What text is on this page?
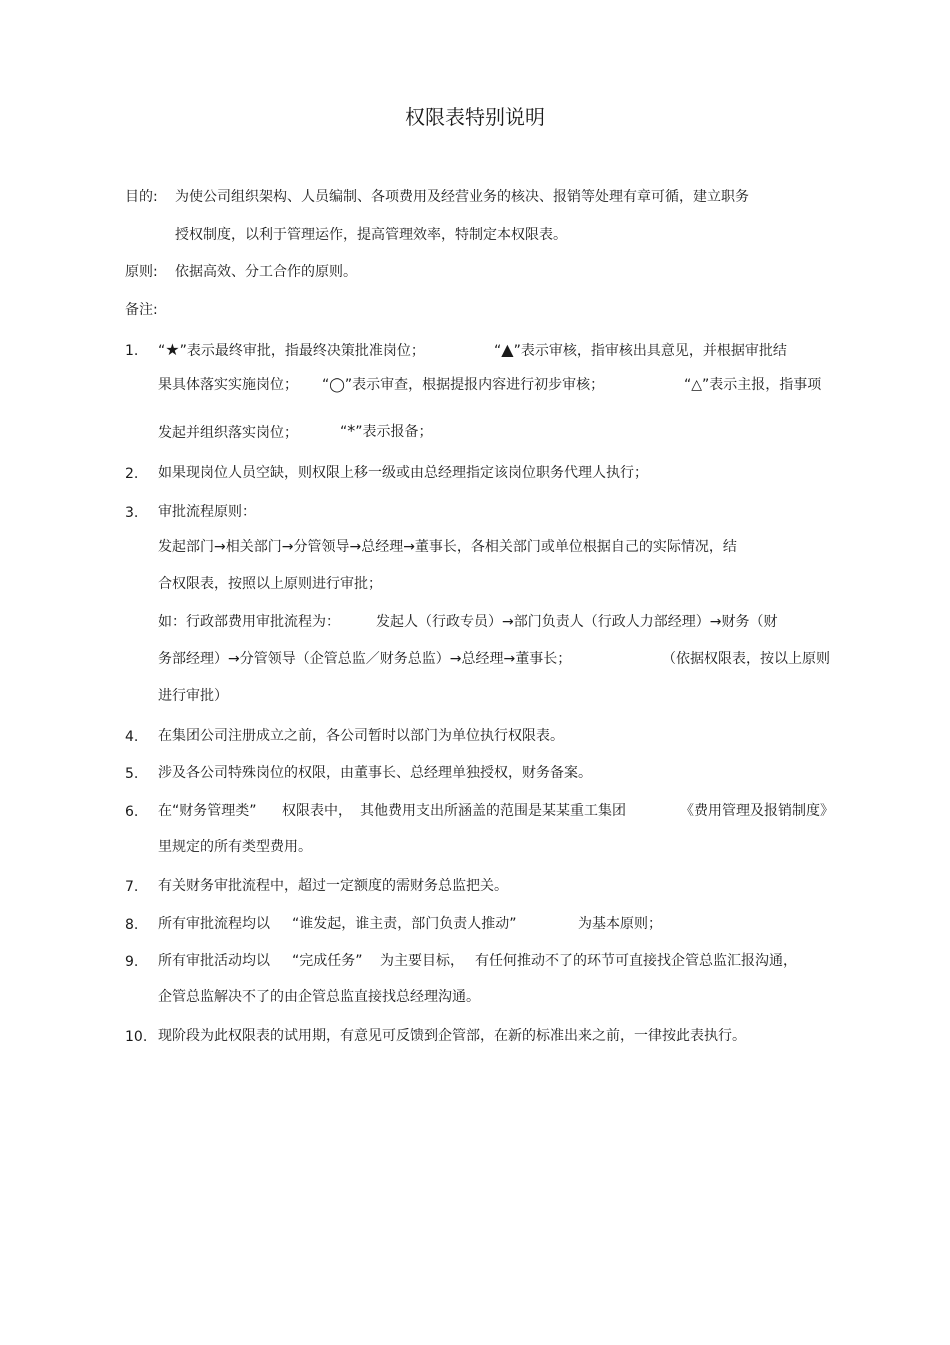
权限表特别说明
目的: 为使公司组织架构、人员编制、各项费用及经营业务的核决、报销等处理有章可循，建立职务
授权制度，以利于管理运作，提高管理效率，特制定本权限表。
原则: 依据高效、分工合作的原则。
备注:
1. “★”表示最终审批，指最终决策批准岗位；	“▲”表示审核，指审核出具意见，并根据审批结
果具体落实实施岗位； “◯”表示审查，根据提报内容进行初步审核；	“△”表示主报，指事项
发起并组织落实岗位；	“*”表示报备；
2. 如果现岗位人员空缺，则权限上移一级或由总经理指定该岗位职务代理人执行；
3. 审批流程原则：
发起部门→相关部门→分管领导→总经理→董事长，各相关部门或单位根据自己的实际情况，结
合权限表，按照以上原则进行审批；
如：行政部费用审批流程为：	发起人（行政专员）→部门负责人（行政人力部经理）→财务（财
务部经理）→分管领导（企管总监／财务总监）→总经理→董事长；	（依据权限表，按以上原则
进行审批）
4. 在集团公司注册成立之前，各公司暂时以部门为单位执行权限表。
5. 涉及各公司特殊岗位的权限，由董事长、总经理单独授权，财务备案。
6. 在“财务管理类” 权限表中， 其他费用支出所涵盖的范围是某某重工集团	《费用管理及报销制度》
里规定的所有类型费用。
7. 有关财务审批流程中，超过一定额度的需财务总监把关。
8. 所有审批流程均以 “谁发起，谁主责，部门负责人推动”	为基本原则；
9. 所有审批活动均以 “完成任务” 为主要目标， 有任何推动不了的环节可直接找企管总监汇报沟通，
企管总监解决不了的由企管总监直接找总经理沟通。
10. 现阶段为此权限表的试用期，有意见可反馈到企管部，在新的标准出来之前，一律按此表执行。
